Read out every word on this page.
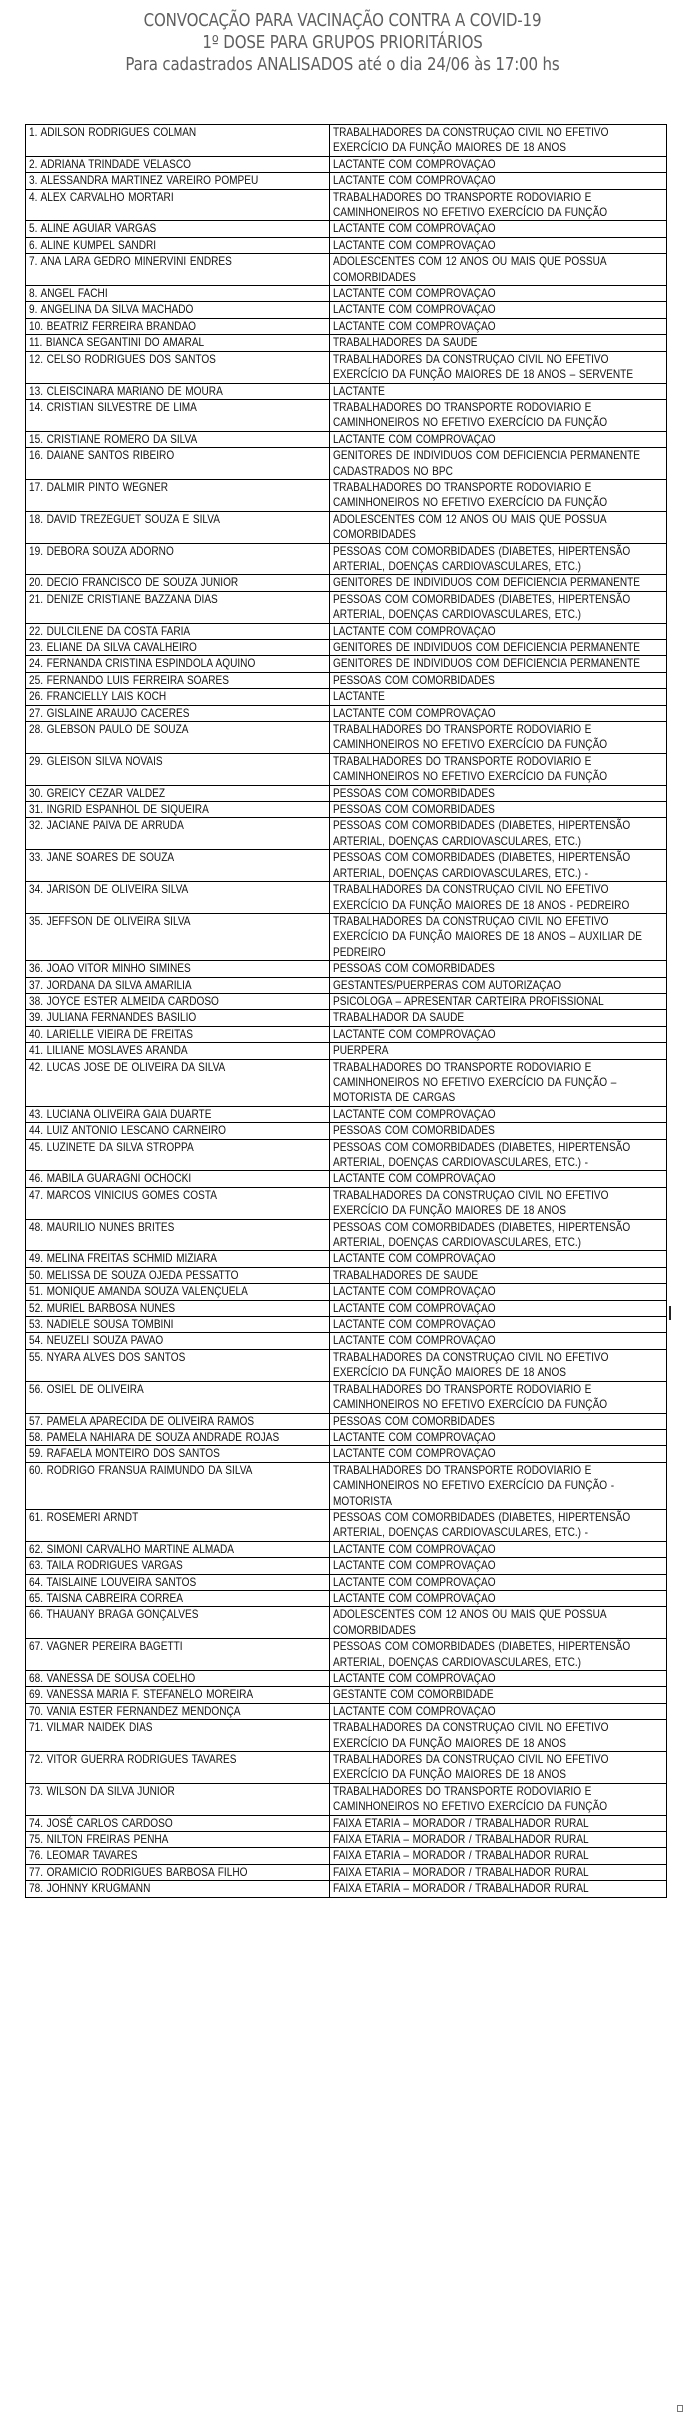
CONVOCAÇÃO PARA VACINAÇÃO CONTRA A COVID-19
1º DOSE PARA GRUPOS PRIORITÁRIOS
Para cadastrados ANALISADOS até o dia 24/06 às 17:00 hs
1. ADILSON RODRIGUES COLMAN	TRABALHADORES DA CONSTRUÇAO CIVIL NO EFETIVO EXERCÍCIO DA FUNÇÃO MAIORES DE 18 ANOS
2. ADRIANA TRINDADE VELASCO	LACTANTE COM COMPROVAÇAO
3. ALESSANDRA MARTINEZ VAREIRO POMPEU	LACTANTE COM COMPROVAÇAO
4. ALEX CARVALHO MORTARI	TRABALHADORES DO TRANSPORTE RODOVIARIO E CAMINHONEIROS NO EFETIVO EXERCÍCIO DA FUNÇÃO
5. ALINE AGUIAR VARGAS	LACTANTE COM COMPROVAÇAO
6. ALINE KUMPEL SANDRI	LACTANTE COM COMPROVAÇAO
7. ANA LARA GEDRO MINERVINI ENDRES	ADOLESCENTES COM 12 ANOS OU MAIS QUE POSSUA COMORBIDADES
8. ANGEL FACHI	LACTANTE COM COMPROVAÇAO
9. ANGELINA DA SILVA MACHADO	LACTANTE COM COMPROVAÇAO
10. BEATRIZ FERREIRA BRANDAO	LACTANTE COM COMPROVAÇAO
11. BIANCA SEGANTINI DO AMARAL	TRABALHADORES DA SAUDE
12. CELSO RODRIGUES DOS SANTOS	TRABALHADORES DA CONSTRUÇAO CIVIL NO EFETIVO EXERCÍCIO DA FUNÇÃO MAIORES DE 18 ANOS – SERVENTE
13. CLEISCINARA MARIANO DE MOURA	LACTANTE
14. CRISTIAN SILVESTRE DE LIMA	TRABALHADORES DO TRANSPORTE RODOVIARIO E CAMINHONEIROS NO EFETIVO EXERCÍCIO DA FUNÇÃO
15. CRISTIANE ROMERO DA SILVA	LACTANTE COM COMPROVAÇAO
16. DAIANE SANTOS RIBEIRO	GENITORES DE INDIVIDUOS COM DEFICIENCIA PERMANENTE CADASTRADOS NO BPC
17. DALMIR PINTO WEGNER	TRABALHADORES DO TRANSPORTE RODOVIARIO E CAMINHONEIROS NO EFETIVO EXERCÍCIO DA FUNÇÃO
18. DAVID TREZEGUET SOUZA E SILVA	ADOLESCENTES COM 12 ANOS OU MAIS QUE POSSUA COMORBIDADES
19. DEBORA SOUZA ADORNO	PESSOAS COM COMORBIDADES (DIABETES, HIPERTENSÃO ARTERIAL, DOENÇAS CARDIOVASCULARES, ETC.)
20. DECIO FRANCISCO DE SOUZA JUNIOR	GENITORES DE INDIVIDUOS COM DEFICIENCIA PERMANENTE
21. DENIZE CRISTIANE BAZZANA DIAS	PESSOAS COM COMORBIDADES (DIABETES, HIPERTENSÃO ARTERIAL, DOENÇAS CARDIOVASCULARES, ETC.)
22. DULCILENE DA COSTA FARIA	LACTANTE COM COMPROVAÇAO
23. ELIANE DA SILVA CAVALHEIRO	GENITORES DE INDIVIDUOS COM DEFICIENCIA PERMANENTE
24. FERNANDA CRISTINA ESPINDOLA AQUINO	GENITORES DE INDIVIDUOS COM DEFICIENCIA PERMANENTE
25. FERNANDO LUIS FERREIRA SOARES	PESSOAS COM COMORBIDADES
26. FRANCIELLY LAIS KOCH	LACTANTE
27. GISLAINE ARAUJO CACERES	LACTANTE COM COMPROVAÇAO
28. GLEBSON PAULO DE SOUZA	TRABALHADORES DO TRANSPORTE RODOVIARIO E CAMINHONEIROS NO EFETIVO EXERCÍCIO DA FUNÇÃO
29. GLEISON SILVA NOVAIS	TRABALHADORES DO TRANSPORTE RODOVIARIO E CAMINHONEIROS NO EFETIVO EXERCÍCIO DA FUNÇÃO
30. GREICY CEZAR VALDEZ	PESSOAS COM COMORBIDADES
31. INGRID ESPANHOL DE SIQUEIRA	PESSOAS COM COMORBIDADES
32. JACIANE PAIVA DE ARRUDA	PESSOAS COM COMORBIDADES (DIABETES, HIPERTENSÃO ARTERIAL, DOENÇAS CARDIOVASCULARES, ETC.)
33. JANE SOARES DE SOUZA	PESSOAS COM COMORBIDADES (DIABETES, HIPERTENSÃO ARTERIAL, DOENÇAS CARDIOVASCULARES, ETC.) -
34. JARISON DE OLIVEIRA SILVA	TRABALHADORES DA CONSTRUÇAO CIVIL NO EFETIVO EXERCÍCIO DA FUNÇÃO MAIORES DE 18 ANOS - PEDREIRO
35. JEFFSON DE OLIVEIRA SILVA	TRABALHADORES DA CONSTRUÇAO CIVIL NO EFETIVO EXERCÍCIO DA FUNÇÃO MAIORES DE 18 ANOS – AUXILIAR DE PEDREIRO
36. JOAO VITOR MINHO SIMINES	PESSOAS COM COMORBIDADES
37. JORDANA DA SILVA AMARILIA	GESTANTES/PUERPERAS COM AUTORIZAÇAO
38. JOYCE ESTER ALMEIDA CARDOSO	PSICOLOGA – APRESENTAR CARTEIRA PROFISSIONAL
39. JULIANA FERNANDES BASILIO	TRABALHADOR DA SAUDE
40. LARIELLE VIEIRA DE FREITAS	LACTANTE COM COMPROVAÇAO
41. LILIANE MOSLAVES ARANDA	PUERPERA
42. LUCAS JOSE DE OLIVEIRA DA SILVA	TRABALHADORES DO TRANSPORTE RODOVIARIO E CAMINHONEIROS NO EFETIVO EXERCÍCIO DA FUNÇÃO – MOTORISTA DE CARGAS
43. LUCIANA OLIVEIRA GAIA DUARTE	LACTANTE COM COMPROVAÇAO
44. LUIZ ANTONIO LESCANO CARNEIRO	PESSOAS COM COMORBIDADES
45. LUZINETE DA SILVA STROPPA	PESSOAS COM COMORBIDADES (DIABETES, HIPERTENSÃO ARTERIAL, DOENÇAS CARDIOVASCULARES, ETC.) -
46. MABILA GUARAGNI OCHOCKI	LACTANTE COM COMPROVAÇAO
47. MARCOS VINICIUS GOMES COSTA	TRABALHADORES DA CONSTRUÇAO CIVIL NO EFETIVO EXERCÍCIO DA FUNÇÃO MAIORES DE 18 ANOS
48. MAURILIO NUNES BRITES	PESSOAS COM COMORBIDADES (DIABETES, HIPERTENSÃO ARTERIAL, DOENÇAS CARDIOVASCULARES, ETC.)
49. MELINA FREITAS SCHMID MIZIARA	LACTANTE COM COMPROVAÇAO
50. MELISSA DE SOUZA OJEDA PESSATTO	TRABALHADORES DE SAUDE
51. MONIQUE AMANDA SOUZA VALENÇUELA	LACTANTE COM COMPROVAÇAO
52. MURIEL BARBOSA NUNES	LACTANTE COM COMPROVAÇAO
53. NADIELE SOUSA TOMBINI	LACTANTE COM COMPROVAÇAO
54. NEUZELI SOUZA PAVAO	LACTANTE COM COMPROVAÇAO
55. NYARA ALVES DOS SANTOS	TRABALHADORES DA CONSTRUÇAO CIVIL NO EFETIVO EXERCÍCIO DA FUNÇÃO MAIORES DE 18 ANOS
56. OSIEL DE OLIVEIRA	TRABALHADORES DO TRANSPORTE RODOVIARIO E CAMINHONEIROS NO EFETIVO EXERCÍCIO DA FUNÇÃO
57. PAMELA APARECIDA DE OLIVEIRA RAMOS	PESSOAS COM COMORBIDADES
58. PAMELA NAHIARA DE SOUZA ANDRADE ROJAS	LACTANTE COM COMPROVAÇAO
59. RAFAELA MONTEIRO DOS SANTOS	LACTANTE COM COMPROVAÇAO
60. RODRIGO FRANSUA RAIMUNDO DA SILVA	TRABALHADORES DO TRANSPORTE RODOVIARIO E CAMINHONEIROS NO EFETIVO EXERCÍCIO DA FUNÇÃO - MOTORISTA
61. ROSEMERI ARNDT	PESSOAS COM COMORBIDADES (DIABETES, HIPERTENSÃO ARTERIAL, DOENÇAS CARDIOVASCULARES, ETC.) -
62. SIMONI CARVALHO MARTINE ALMADA	LACTANTE COM COMPROVAÇAO
63. TAILA RODRIGUES VARGAS	LACTANTE COM COMPROVAÇAO
64. TAISLAINE LOUVEIRA SANTOS	LACTANTE COM COMPROVAÇAO
65. TAISNA CABREIRA CORREA	LACTANTE COM COMPROVAÇAO
66. THAUANY BRAGA GONÇALVES	ADOLESCENTES COM 12 ANOS OU MAIS QUE POSSUA COMORBIDADES
67. VAGNER PEREIRA BAGETTI	PESSOAS COM COMORBIDADES (DIABETES, HIPERTENSÃO ARTERIAL, DOENÇAS CARDIOVASCULARES, ETC.)
68. VANESSA DE SOUSA COELHO	LACTANTE COM COMPROVAÇAO
69. VANESSA MARIA F. STEFANELO MOREIRA	GESTANTE COM COMORBIDADE
70. VANIA ESTER FERNANDEZ MENDONÇA	LACTANTE COM COMPROVAÇAO
71. VILMAR NAIDEK DIAS	TRABALHADORES DA CONSTRUÇAO CIVIL NO EFETIVO EXERCÍCIO DA FUNÇÃO MAIORES DE 18 ANOS
72. VITOR GUERRA RODRIGUES TAVARES	TRABALHADORES DA CONSTRUÇAO CIVIL NO EFETIVO EXERCÍCIO DA FUNÇÃO MAIORES DE 18 ANOS
73. WILSON DA SILVA JUNIOR	TRABALHADORES DO TRANSPORTE RODOVIARIO E CAMINHONEIROS NO EFETIVO EXERCÍCIO DA FUNÇÃO
74. JOSÉ CARLOS CARDOSO	FAIXA ETARIA – MORADOR / TRABALHADOR RURAL
75. NILTON FREIRAS PENHA	FAIXA ETARIA – MORADOR / TRABALHADOR RURAL
76. LEOMAR TAVARES	FAIXA ETARIA – MORADOR / TRABALHADOR RURAL
77. ORAMICIO RODRIGUES BARBOSA FILHO	FAIXA ETARIA – MORADOR / TRABALHADOR RURAL
78. JOHNNY KRUGMANN	FAIXA ETARIA – MORADOR / TRABALHADOR RURAL
